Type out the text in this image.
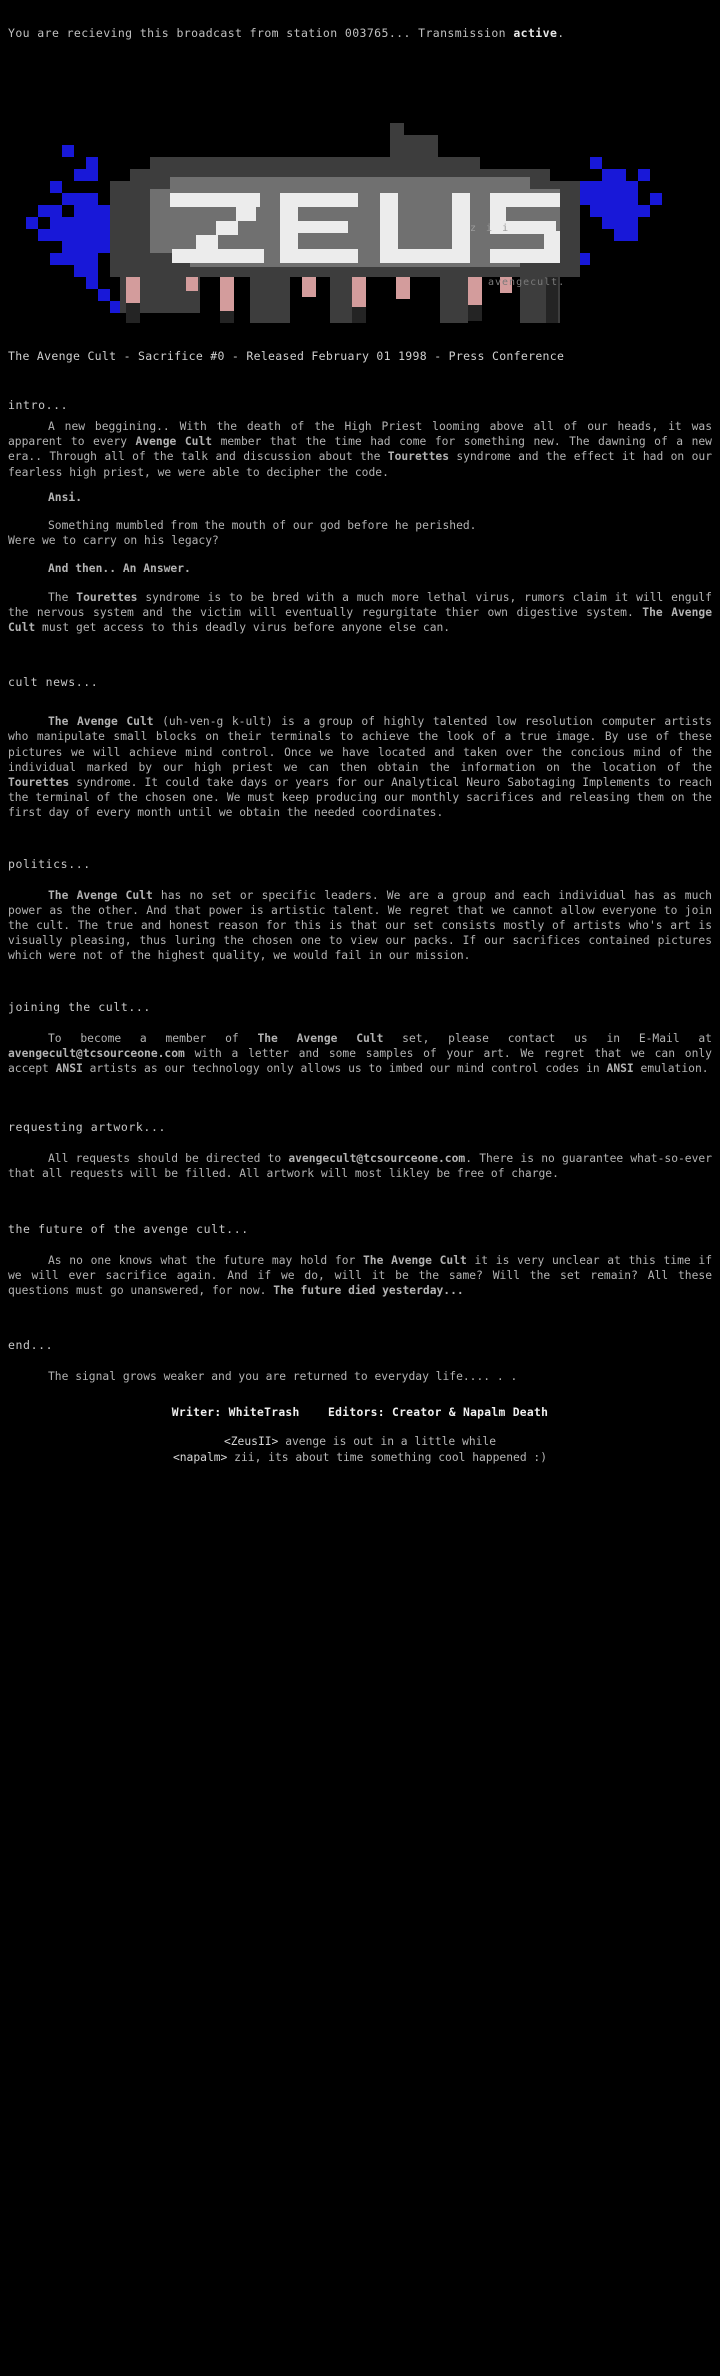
You are recieving this broadcast from station 003765... Transmission active.
z i i
avengecult.
The Avenge Cult - Sacrifice #0 - Released February 01 1998 - Press Conference
intro...

A new beggining.. With the death of the High Priest looming above all of our heads, it was apparent to every Avenge Cult member that the time had come for something new. The dawning of a new era.. Through all of the talk and discussion about the Tourettes syndrome and the effect it had on our fearless high priest, we were able to decipher the code.

Ansi.

Something mumbled from the mouth of our god before he perished.
Were we to carry on his legacy?

And then.. An Answer.

The Tourettes syndrome is to be bred with a much more lethal virus, rumors claim it will engulf the nervous system and the victim will eventually regurgitate thier own digestive system. The Avenge Cult must get access to this deadly virus before anyone else can.

cult news...

The Avenge Cult (uh-ven-g k-ult) is a group of highly talented low resolution computer artists who manipulate small blocks on their terminals to achieve the look of a true image. By use of these pictures we will achieve mind control. Once we have located and taken over the concious mind of the individual marked by our high priest we can then obtain the information on the location of the Tourettes syndrome. It could take days or years for our Analytical Neuro Sabotaging Implements to reach the terminal of the chosen one. We must keep producing our monthly sacrifices and releasing them on the first day of every month until we obtain the needed coordinates.

politics...

The Avenge Cult has no set or specific leaders. We are a group and each individual has as much power as the other. And that power is artistic talent. We regret that we cannot allow everyone to join the cult. The true and honest reason for this is that our set consists mostly of artists who's art is visually pleasing, thus luring the chosen one to view our packs. If our sacrifices contained pictures which were not of the highest quality, we would fail in our mission.

joining the cult...

To become a member of The Avenge Cult set, please contact us in E-Mail at avengecult@tcsourceone.com with a letter and some samples of your art. We regret that we can only accept ANSI artists as our technology only allows us to imbed our mind control codes in ANSI emulation.

requesting artwork...

All requests should be directed to avengecult@tcsourceone.com. There is no guarantee what-so-ever that all requests will be filled. All artwork will most likley be free of charge.

the future of the avenge cult...

As no one knows what the future may hold for The Avenge Cult it is very unclear at this time if we will ever sacrifice again. And if we do, will it be the same? Will the set remain? All these questions must go unanswered, for now. The future died yesterday...

end...

The signal grows weaker and you are returned to everyday life.... . .

Writer: WhiteTrash	Editors: Creator & Napalm Death
<ZeusII> avenge is out in a little while
<napalm> zii, its about time something cool happened :)
